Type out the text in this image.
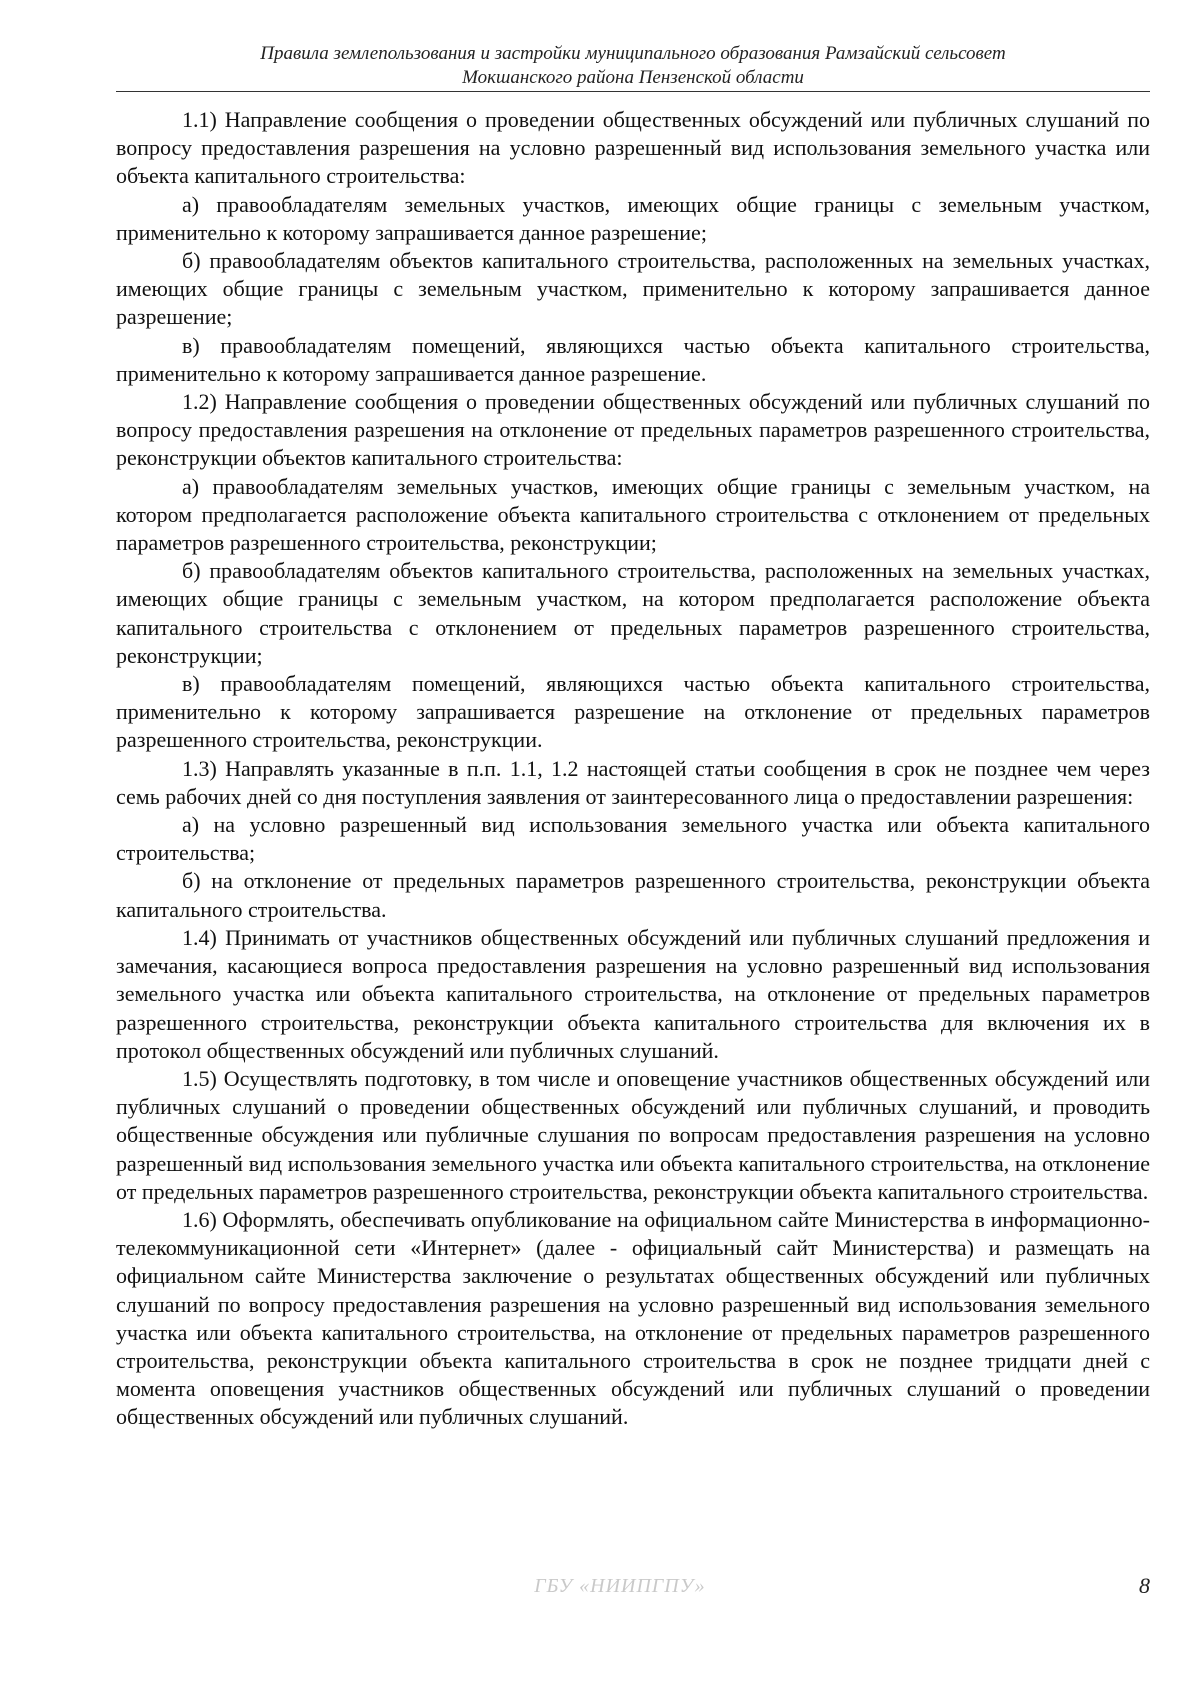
Правила землепользования и застройки муниципального образования Рамзайский сельсовет
Мокшанского района Пензенской области

1.1) Направление сообщения о проведении общественных обсуждений или публичных слушаний по вопросу предоставления разрешения на условно разрешенный вид использования земельного участка или объекта капитального строительства:

а) правообладателям земельных участков, имеющих общие границы с земельным участком, применительно к которому запрашивается данное разрешение;

б) правообладателям объектов капитального строительства, расположенных на земельных участках, имеющих общие границы с земельным участком, применительно к которому запрашивается данное разрешение;

в) правообладателям помещений, являющихся частью объекта капитального строительства, применительно к которому запрашивается данное разрешение.

1.2) Направление сообщения о проведении общественных обсуждений или публичных слушаний по вопросу предоставления разрешения на отклонение от предельных параметров разрешенного строительства, реконструкции объектов капитального строительства:

а) правообладателям земельных участков, имеющих общие границы с земельным участком, на котором предполагается расположение объекта капитального строительства с отклонением от предельных параметров разрешенного строительства, реконструкции;

б) правообладателям объектов капитального строительства, расположенных на земельных участках, имеющих общие границы с земельным участком, на котором предполагается расположение объекта капитального строительства с отклонением от предельных параметров разрешенного строительства, реконструкции;

в) правообладателям помещений, являющихся частью объекта капитального строительства, применительно к которому запрашивается разрешение на отклонение от предельных параметров разрешенного строительства, реконструкции.

1.3) Направлять указанные в п.п. 1.1, 1.2 настоящей статьи сообщения в срок не позднее чем через семь рабочих дней со дня поступления заявления от заинтересованного лица о предоставлении разрешения:

а) на условно разрешенный вид использования земельного участка или объекта капитального строительства;

б) на отклонение от предельных параметров разрешенного строительства, реконструкции объекта капитального строительства.

1.4) Принимать от участников общественных обсуждений или публичных слушаний предложения и замечания, касающиеся вопроса предоставления разрешения на условно разрешенный вид использования земельного участка или объекта капитального строительства, на отклонение от предельных параметров разрешенного строительства, реконструкции объекта капитального строительства для включения их в протокол общественных обсуждений или публичных слушаний.

1.5) Осуществлять подготовку, в том числе и оповещение участников общественных обсуждений или публичных слушаний о проведении общественных обсуждений или публичных слушаний, и проводить общественные обсуждения или публичные слушания по вопросам предоставления разрешения на условно разрешенный вид использования земельного участка или объекта капитального строительства, на отклонение от предельных параметров разрешенного строительства, реконструкции объекта капитального строительства.

1.6) Оформлять, обеспечивать опубликование на официальном сайте Министерства в информационно-телекоммуникационной сети «Интернет» (далее - официальный сайт Министерства) и размещать на официальном сайте Министерства заключение о результатах общественных обсуждений или публичных слушаний по вопросу предоставления разрешения на условно разрешенный вид использования земельного участка или объекта капитального строительства, на отклонение от предельных параметров разрешенного строительства, реконструкции объекта капитального строительства в срок не позднее тридцати дней с момента оповещения участников общественных обсуждений или публичных слушаний о проведении общественных обсуждений или публичных слушаний.

ГБУ «НИИПГПУ»	8
